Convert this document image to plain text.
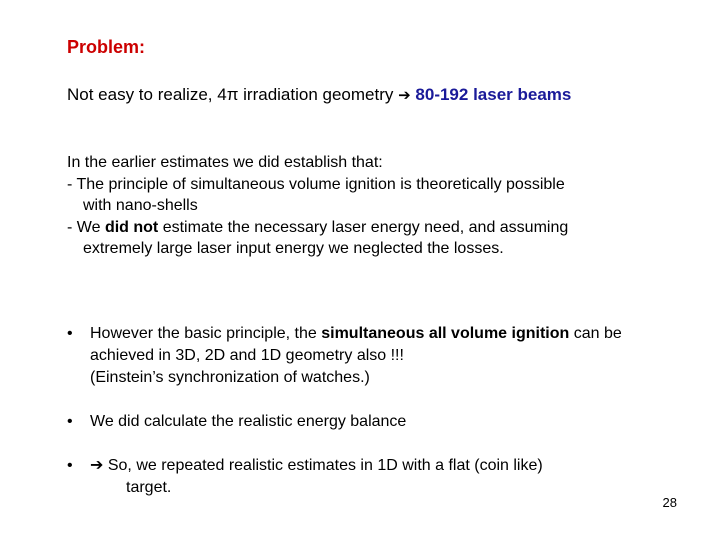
Problem:
Not easy to realize, 4π irradiation geometry ➔ 80-192 laser beams
In the earlier estimates we did establish that:
- The principle of simultaneous volume ignition is theoretically possible
with nano-shells
- We did not estimate the necessary laser energy need, and assuming
extremely large laser input energy we neglected the losses.
• However the basic principle, the simultaneous all volume ignition can be
achieved in 3D, 2D and 1D geometry also !!!
(Einstein’s synchronization of watches.)
• We did calculate the realistic energy balance
• ➔ So, we repeated realistic estimates in 1D with a flat (coin like)
target.
28
